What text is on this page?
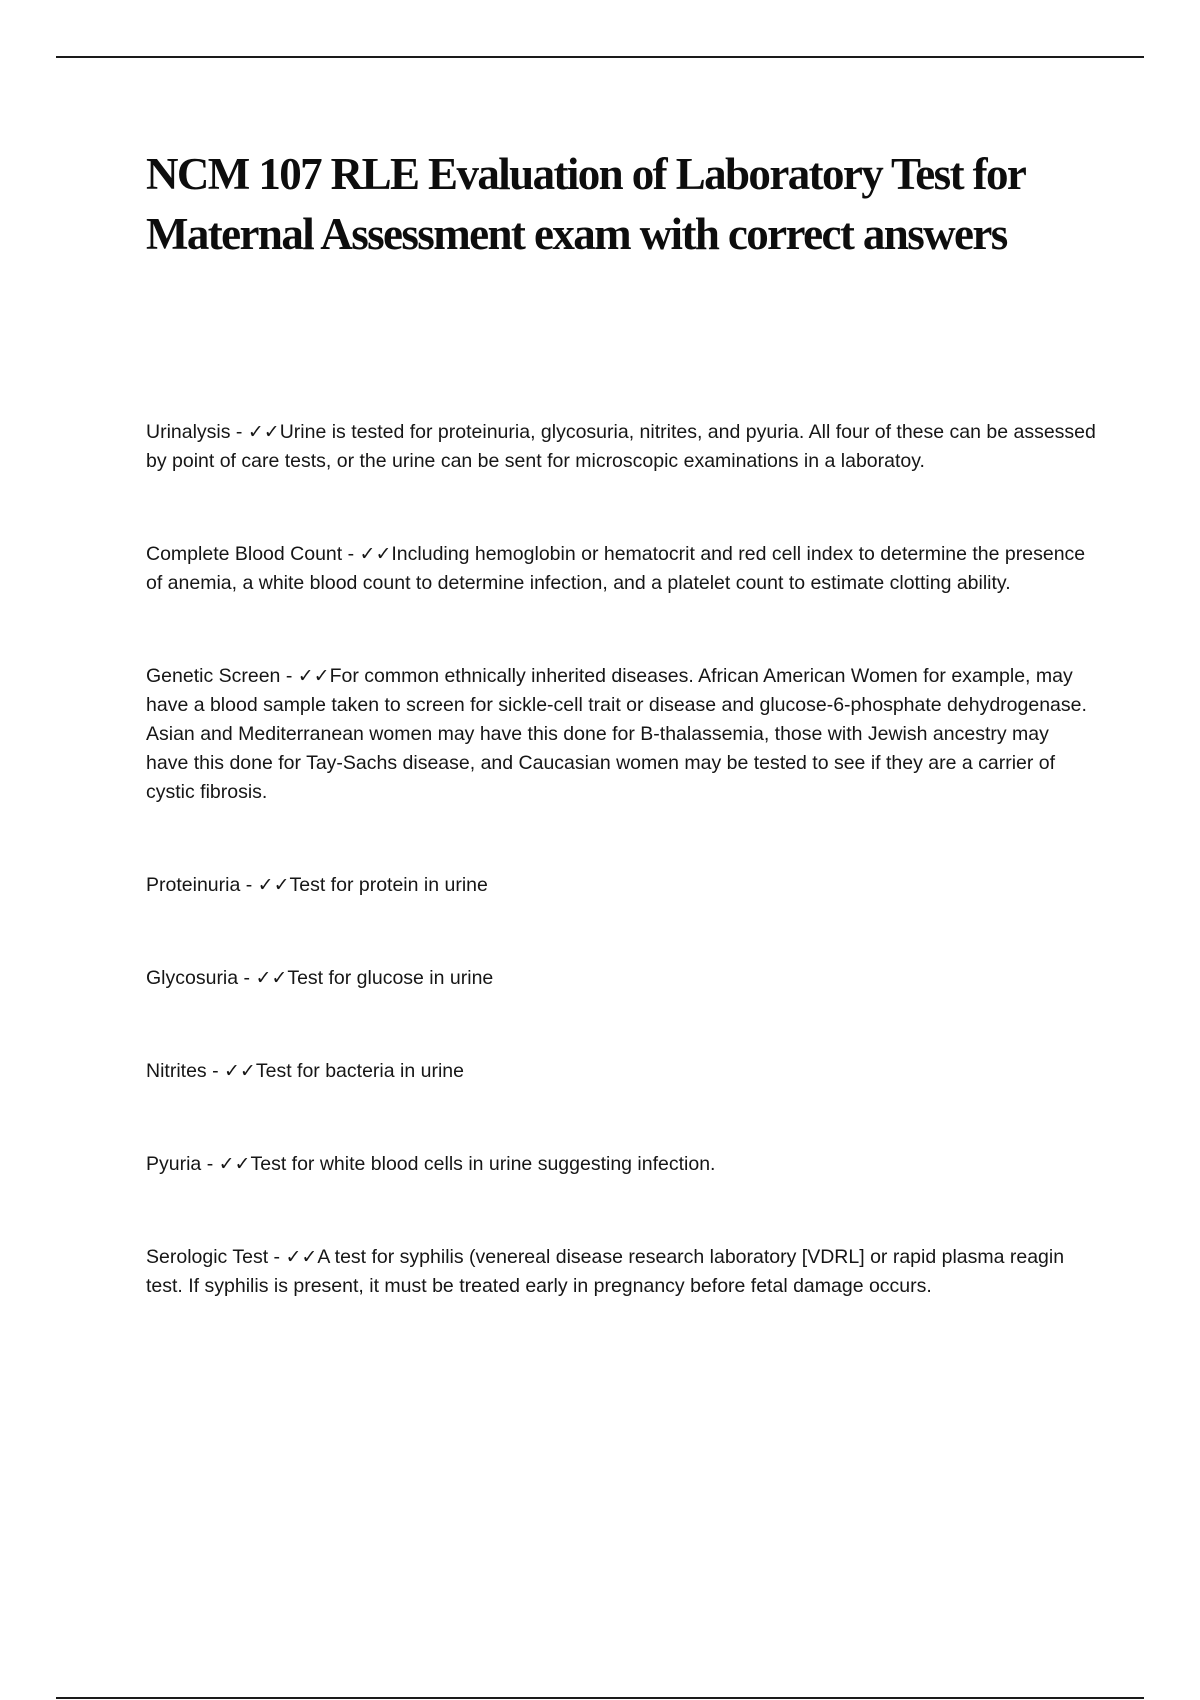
NCM 107 RLE Evaluation of Laboratory Test for Maternal Assessment exam with correct answers
Urinalysis - ✓✓Urine is tested for proteinuria, glycosuria, nitrites, and pyuria. All four of these can be assessed by point of care tests, or the urine can be sent for microscopic examinations in a laboratoy.
Complete Blood Count - ✓✓Including hemoglobin or hematocrit and red cell index to determine the presence of anemia, a white blood count to determine infection, and a platelet count to estimate clotting ability.
Genetic Screen - ✓✓For common ethnically inherited diseases. African American Women for example, may have a blood sample taken to screen for sickle-cell trait or disease and glucose-6-phosphate dehydrogenase. Asian and Mediterranean women may have this done for B-thalassemia, those with Jewish ancestry may have this done for Tay-Sachs disease, and Caucasian women may be tested to see if they are a carrier of cystic fibrosis.
Proteinuria - ✓✓Test for protein in urine
Glycosuria - ✓✓Test for glucose in urine
Nitrites - ✓✓Test for bacteria in urine
Pyuria - ✓✓Test for white blood cells in urine suggesting infection.
Serologic Test - ✓✓A test for syphilis (venereal disease research laboratory [VDRL] or rapid plasma reagin test. If syphilis is present, it must be treated early in pregnancy before fetal damage occurs.
